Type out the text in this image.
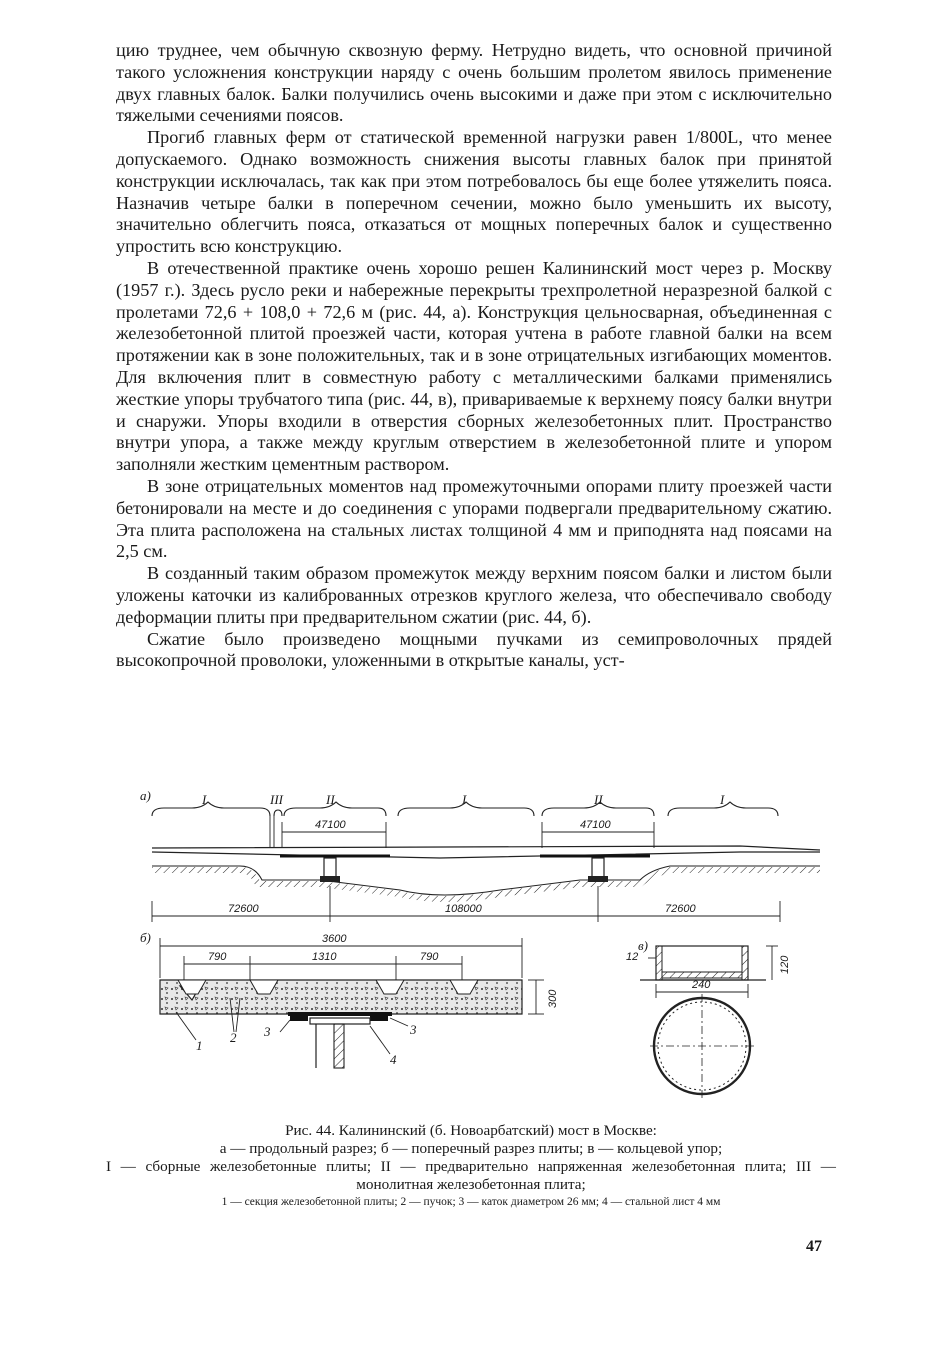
цию труднее, чем обычную сквозную ферму. Нетрудно видеть, что основной причиной такого усложнения конструкции наряду с очень большим пролетом явилось применение двух главных балок. Балки получились очень высокими и даже при этом с исключительно тяжелыми сечениями поясов.

Прогиб главных ферм от статической временной нагрузки равен 1/800L, что менее допускаемого. Однако возможность снижения высоты главных балок при принятой конструкции исключалась, так как при этом потребовалось бы еще более утяжелить пояса. Назначив четыре балки в поперечном сечении, можно было уменьшить их высоту, значительно облегчить пояса, отказаться от мощных поперечных балок и существенно упростить всю конструкцию.

В отечественной практике очень хорошо решен Калининский мост через р. Москву (1957 г.). Здесь русло реки и набережные перекрыты трехпролетной неразрезной балкой с пролетами 72,6 + 108,0 + 72,6 м (рис. 44, а). Конструкция цельносварная, объединенная с железобетонной плитой проезжей части, которая учтена в работе главной балки на всем протяжении как в зоне положительных, так и в зоне отрицательных изгибающих моментов. Для включения плит в совместную работу с металлическими балками применялись жесткие упоры трубчатого типа (рис. 44, в), привариваемые к верхнему поясу балки внутри и снаружи. Упоры входили в отверстия сборных железобетонных плит. Пространство внутри упора, а также между круглым отверстием в железобетонной плите и упором заполняли жестким цементным раствором.

В зоне отрицательных моментов над промежуточными опорами плиту проезжей части бетонировали на месте и до соединения с упорами подвергали предварительному сжатию. Эта плита расположена на стальных листах толщиной 4 мм и приподнята над поясами на 2,5 см.

В созданный таким образом промежуток между верхним поясом балки и листом были уложены каточки из калиброванных отрезков круглого железа, что обеспечивало свободу деформации плиты при предварительном сжатии (рис. 44, б).

Сжатие было произведено мощными пучками из семипроволочных прядей высокопрочной проволоки, уложенными в открытые каналы, уст-

а)	I	III	II	I	II	I
47100	47100
72600	108000	72600
б)	3600
790	1310	790
300
1
2 3	3
4
в)
12	120
240
Рис. 44. Калининский (б. Новоарбатский) мост в Москве:
а — продольный разрез; б — поперечный разрез плиты; в — кольцевой упор;
I — сборные железобетонные плиты; II — предварительно напряженная железобетонная плита; III — монолитная железобетонная плита;
1 — секция железобетонной плиты; 2 — пучок; 3 — каток диаметром 26 мм; 4 — стальной лист 4 мм
47
